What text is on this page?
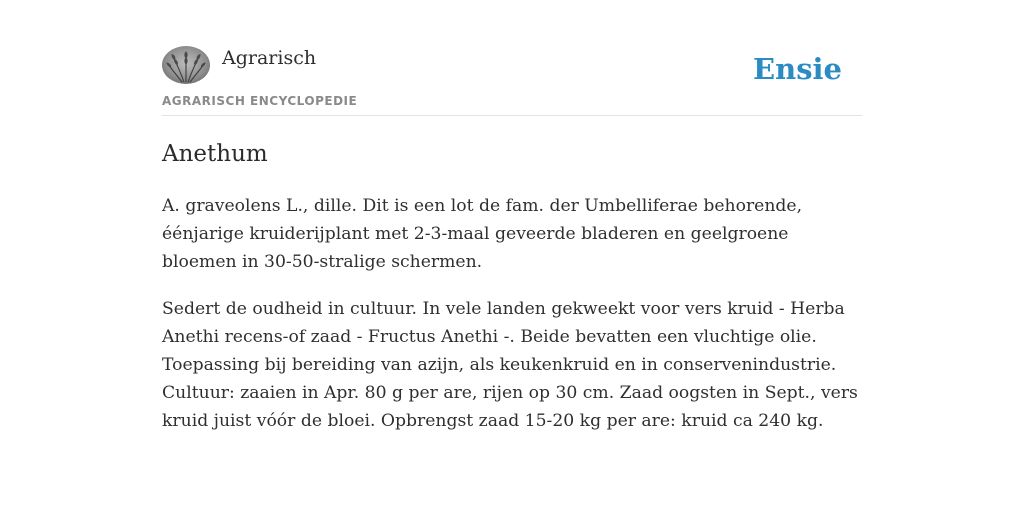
Agrarisch
AGRARISCH ENCYCLOPEDIE
Ensie
Anethum

A. graveolens L., dille. Dit is een lot de fam. der Umbelliferae behorende, éénjarige kruiderijplant met 2-3-maal geveerde bladeren en geelgroene bloemen in 30-50-stralige schermen.

Sedert de oudheid in cultuur. In vele landen gekweekt voor vers kruid - Herba Anethi recens-of zaad - Fructus Anethi -. Beide bevatten een vluchtige olie. Toepassing bij bereiding van azijn, als keukenkruid en in conservenindustrie. Cultuur: zaaien in Apr. 80 g per are, rijen op 30 cm. Zaad oogsten in Sept., vers kruid juist vóór de bloei. Opbrengst zaad 15-20 kg per are: kruid ca 240 kg.
